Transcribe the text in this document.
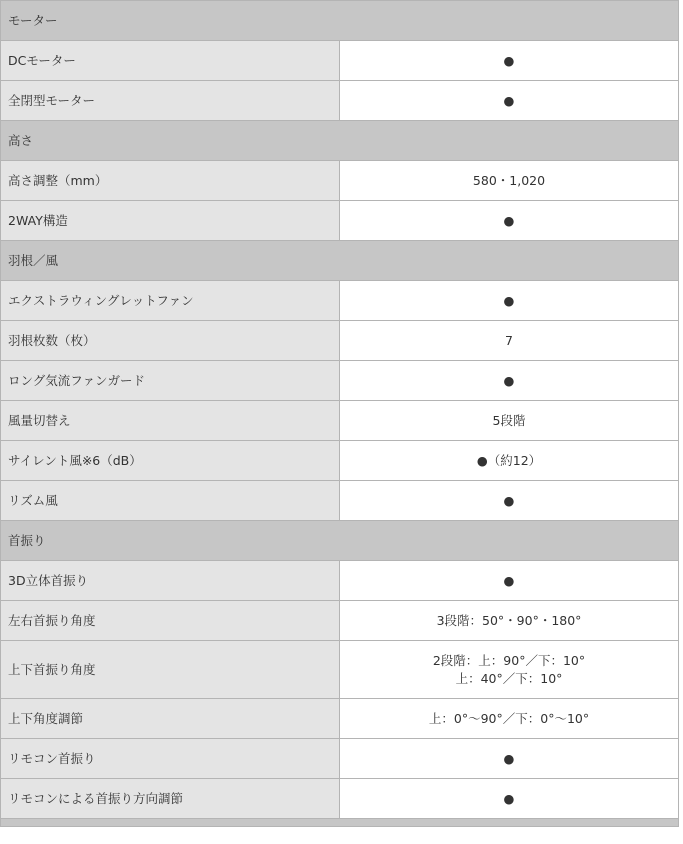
モーター	
DCモーター	●
全閉型モーター	●
高さ	
高さ調整（mm）	580・1,020
2WAY構造	●
羽根／風	
エクストラウィングレットファン	●
羽根枚数（枚）	7
ロング気流ファンガード	●
風量切替え	5段階
サイレント風※6（dB）	●（約12）
リズム風	●
首振り	
3D立体首振り	●
左右首振り角度	3段階：50°・90°・180°
上下首振り角度	2段階：上：90°／下：10°
上：40°／下：10°

上下角度調節	上：0°～90°／下：0°～10°
リモコン首振り	●
リモコンによる首振り方向調節	●
